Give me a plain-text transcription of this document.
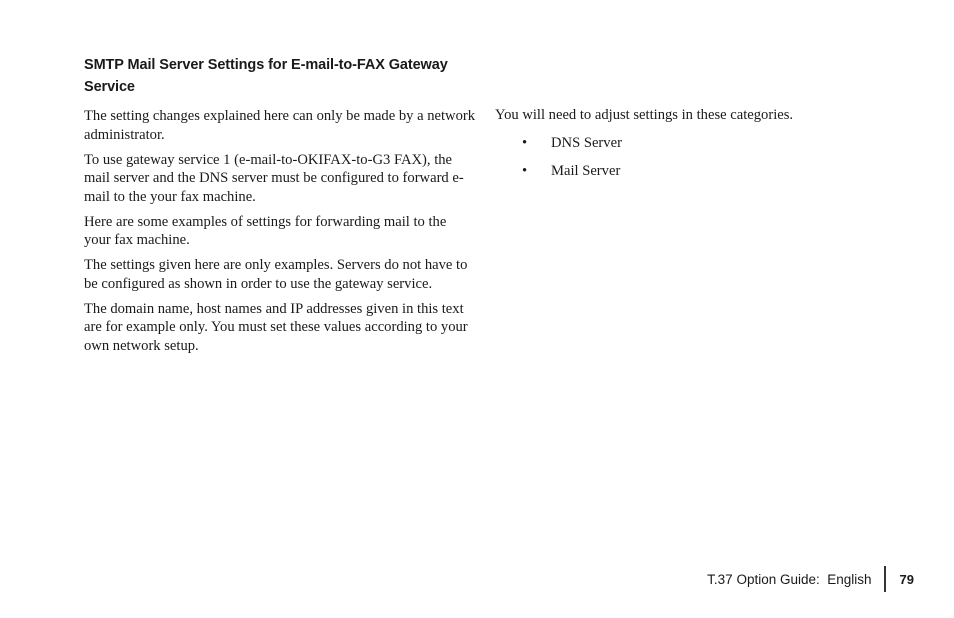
SMTP Mail Server Settings for E-mail-to-FAX Gateway Service

The setting changes explained here can only be made by a network administrator.

To use gateway service 1 (e-mail-to-OKIFAX-to-G3 FAX), the mail server and the DNS server must be configured to forward e-mail to the your fax machine.

Here are some examples of settings for forwarding mail to the your fax machine.

The settings given here are only examples. Servers do not have to be configured as shown in order to use the gateway service.

The domain name, host names and IP addresses given in this text are for example only. You must set these values according to your own network setup.

You will need to adjust settings in these categories.

• DNS Server
• Mail Server
T.37 Option Guide:  English 79
